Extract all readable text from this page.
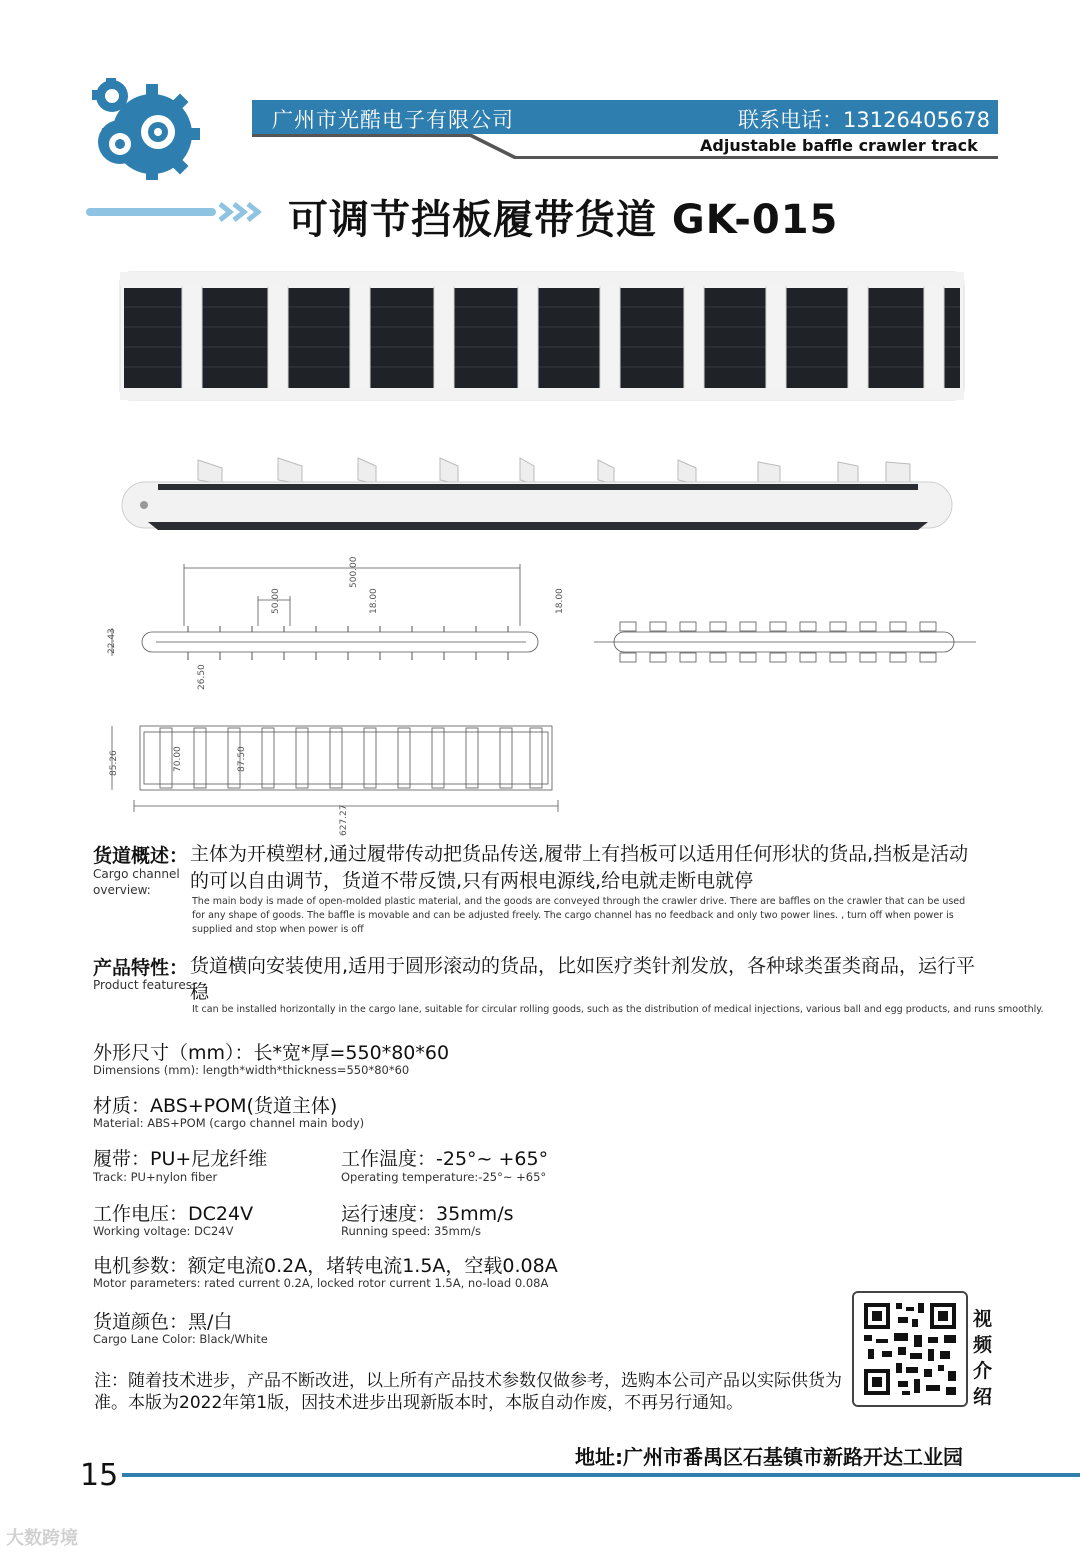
广州市光酷电子有限公司	联系电话：13126405678
Adjustable baffle crawler track
可调节挡板履带货道 GK-015
500.00
50.00	18.00	18.00
22.43
26.50
85.26	70.00	87.50
627.27
货道概述：
Cargo channel overview:
主体为开模塑材,通过履带传动把货品传送,履带上有挡板可以适用任何形状的货品,挡板是活动的可以自由调节，货道不带反馈,只有两根电源线,给电就走断电就停
The main body is made of open-molded plastic material, and the goods are conveyed through the crawler drive. There are baffles on the crawler that can be used for any shape of goods. The baffle is movable and can be adjusted freely. The cargo channel has no feedback and only two power lines. , turn off when power is supplied and stop when power is off
产品特性：
Product features:
货道横向安装使用,适用于圆形滚动的货品，比如医疗类针剂发放，各种球类蛋类商品，运行平稳
It can be installed horizontally in the cargo lane, suitable for circular rolling goods, such as the distribution of medical injections, various ball and egg products, and runs smoothly.
外形尺寸（mm）：长*宽*厚=550*80*60
Dimensions (mm): length*width*thickness=550*80*60
材质：ABS+POM(货道主体)
Material: ABS+POM (cargo channel main body)
履带：PU+尼龙纤维
Track: PU+nylon fiber
工作温度：-25°~ +65°
Operating temperature:-25°~ +65°
工作电压：DC24V
Working voltage: DC24V
运行速度：35mm/s
Running speed: 35mm/s
电机参数：额定电流0.2A，堵转电流1.5A，空载0.08A
Motor parameters: rated current 0.2A, locked rotor current 1.5A, no-load 0.08A
货道颜色：黑/白
Cargo Lane Color: Black/White
视频介绍
注：随着技术进步，产品不断改进，以上所有产品技术参数仅做参考，选购本公司产品以实际供货为准。本版为2022年第1版，因技术进步出现新版本时，本版自动作废，不再另行通知。
地址:广州市番禺区石基镇市新路开达工业园
15
大数跨境
